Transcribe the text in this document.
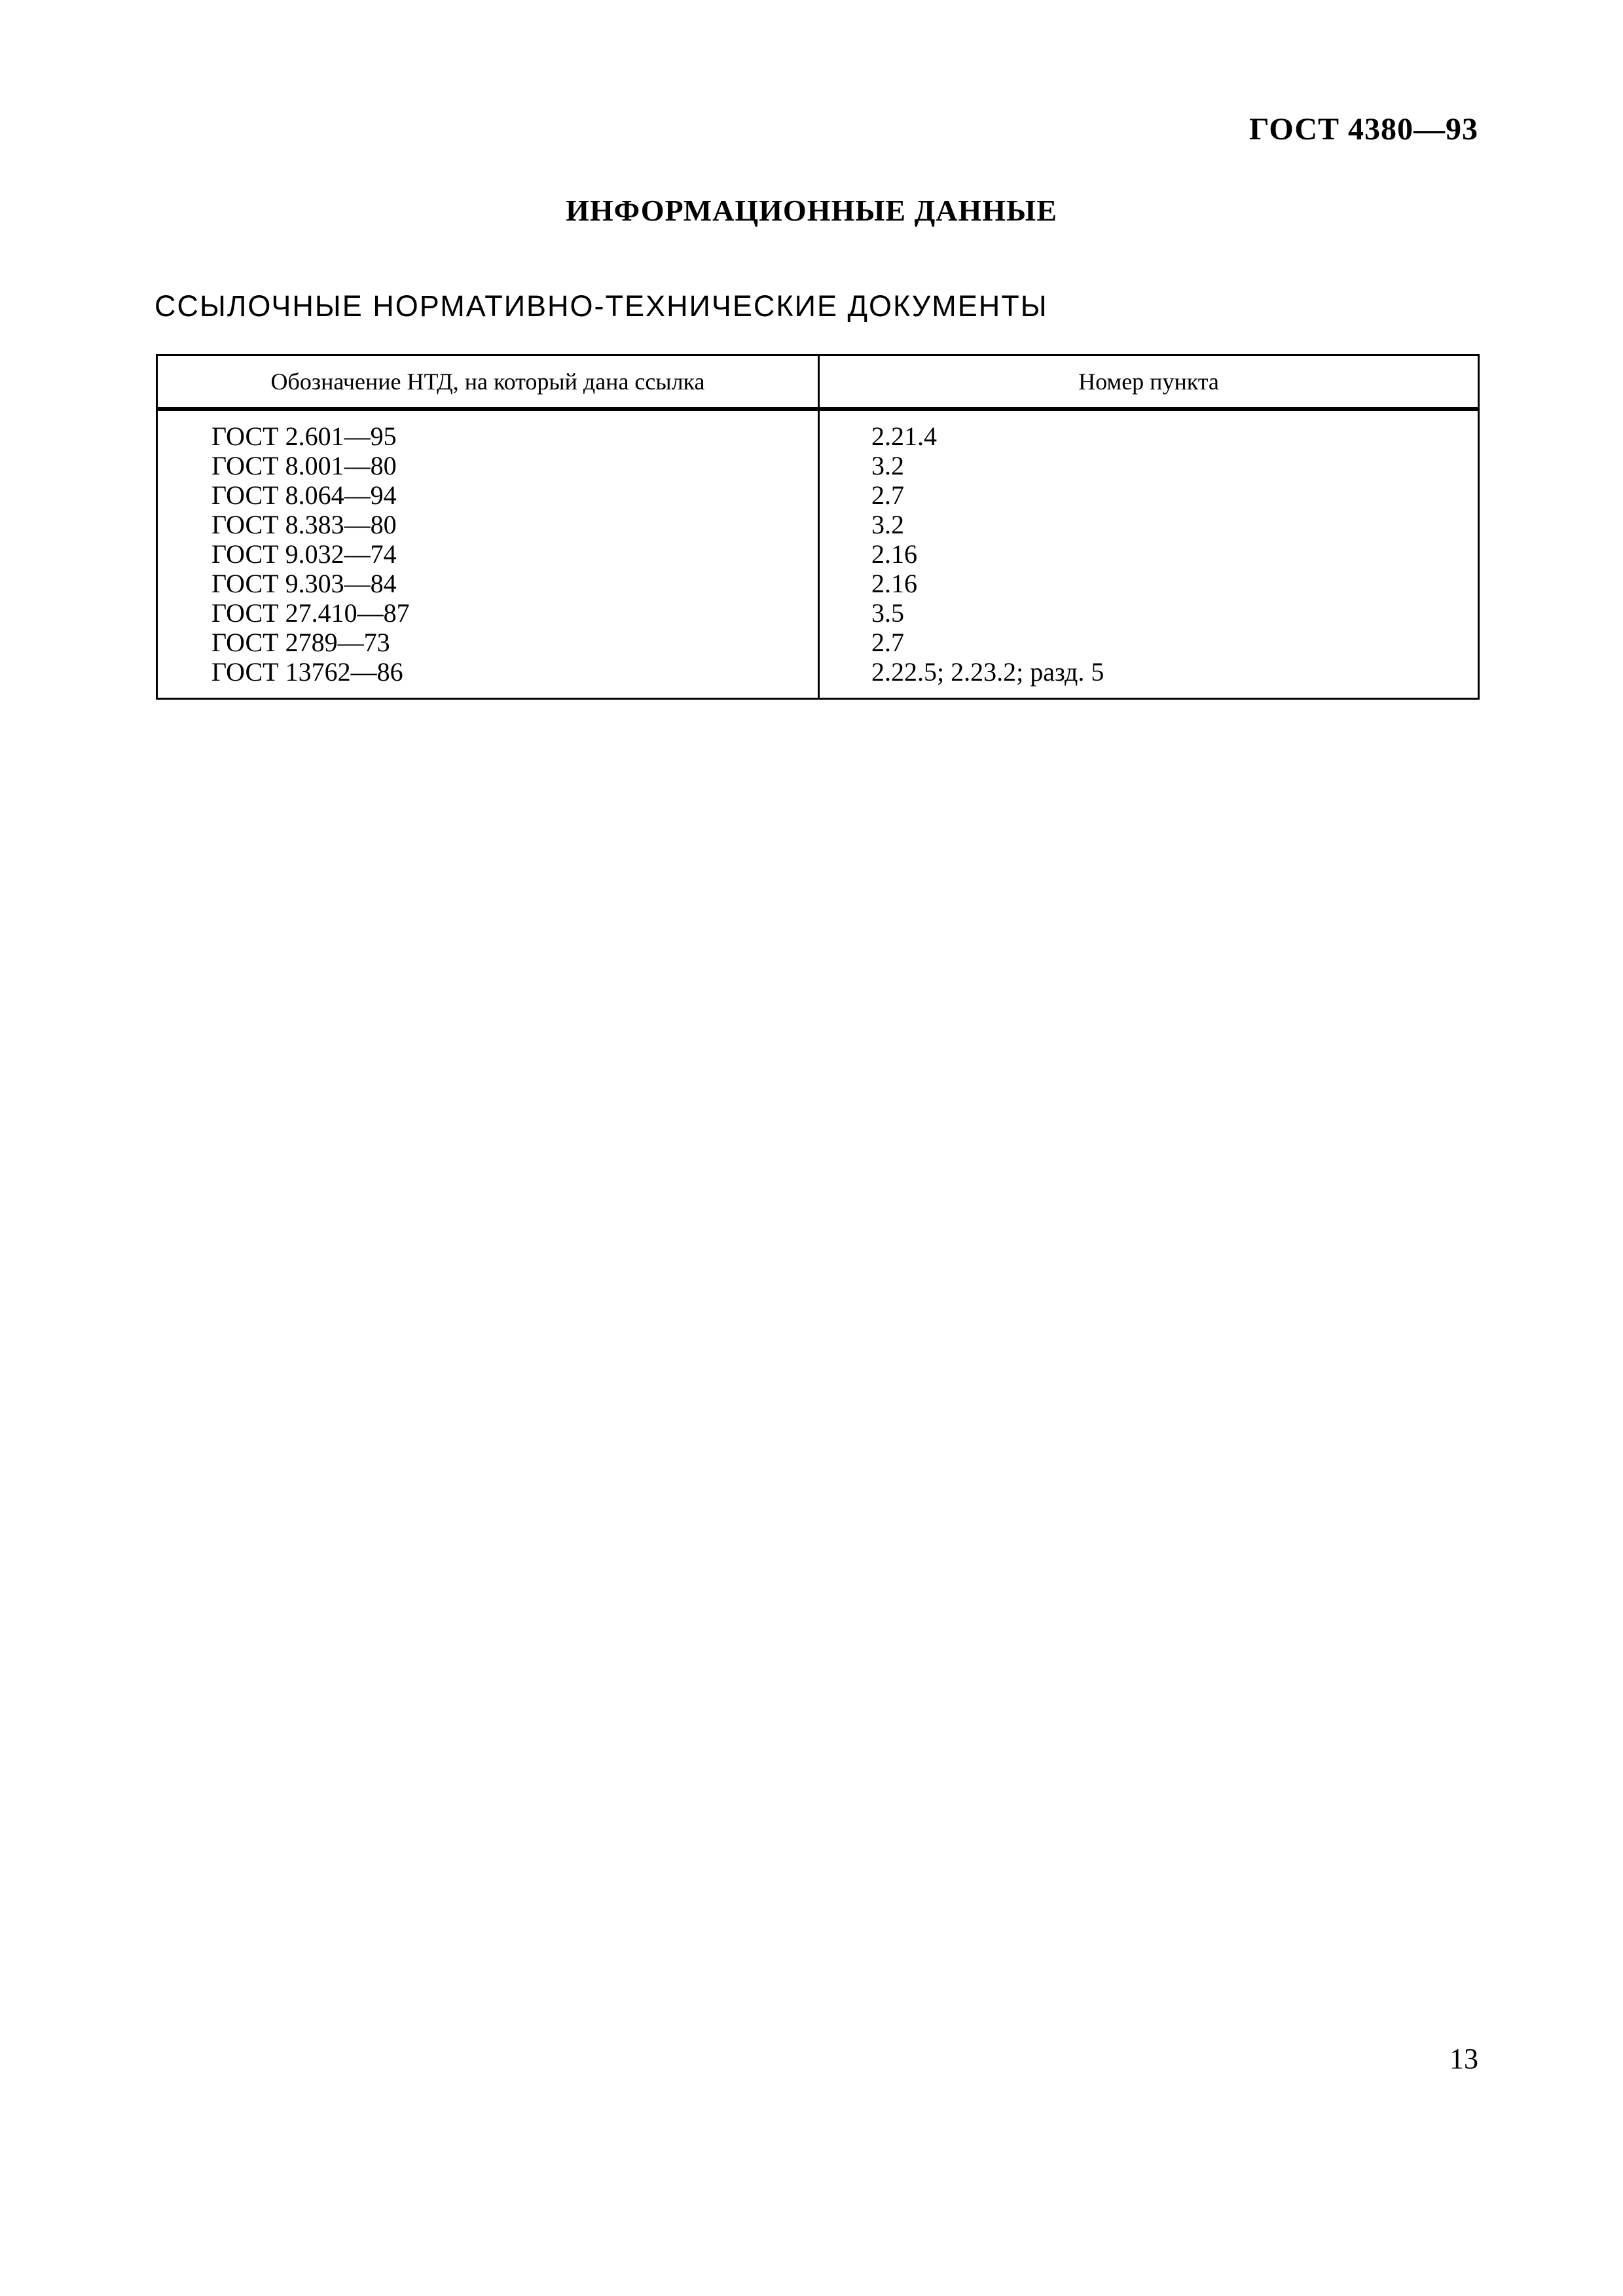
ГОСТ 4380—93
ИНФОРМАЦИОННЫЕ ДАННЫЕ
ССЫЛОЧНЫЕ НОРМАТИВНО-ТЕХНИЧЕСКИЕ ДОКУМЕНТЫ
Обозначение НТД, на который дана ссылка	Номер пункта
ГОСТ 2.601—95	2.21.4
ГОСТ 8.001—80	3.2
ГОСТ 8.064—94	2.7
ГОСТ 8.383—80	3.2
ГОСТ 9.032—74	2.16
ГОСТ 9.303—84	2.16
ГОСТ 27.410—87	3.5
ГОСТ 2789—73	2.7
ГОСТ 13762—86	2.22.5; 2.23.2; разд. 5
13
